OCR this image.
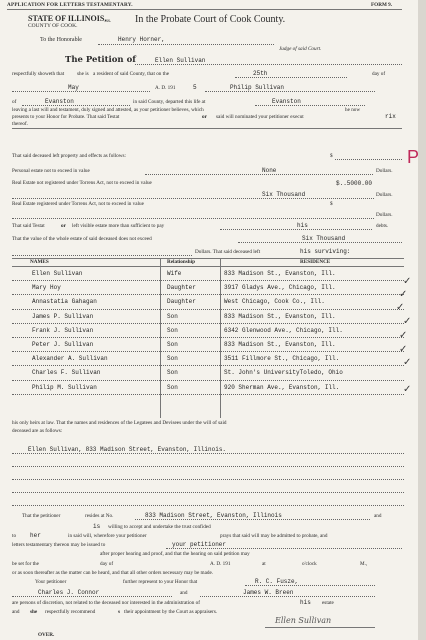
APPLICATION FOR LETTERS TESTAMENTARY.	FORM 9.
STATE OF ILLINOIS,
COUNTY OF COOK.
ss. In the Probate Court of Cook County.
To the Honorable	Henry Horner,
Judge of said Court.
The Petition of	Ellen Sullivan
respectfully showeth that she is a resident of said County, that on the	25th	day of
May	A. D. 191	5	Philip Sullivan
of	Evanston	in said County, departed this life at	Evanston
leaving a last will and testament, duly signed and attested, as your petitioner believes, which	he now
presents to your Honor for Probate. That said Testat	or said will nominated your petitioner execut	rix
thereof.
That said deceased left property and effects as follows:	$
Personal estate not to exceed in value	None	Dollars.
Real Estate not registered under Torrens Act, not to exceed in value	$..5000.00
Six Thousand	Dollars.
Real Estate registered under Torrens Act, not to exceed in value	$
Dollars.
That said Testat	or left visible estate more than sufficient to pay	his	debts.
That the value of the whole estate of said deceased does not exceed	Six Thousand
Dollars. That said deceased left	his surviving:
NAMES	Relationship	RESIDENCE
Ellen Sullivan	Wife	833 Madison St., Evanston, Ill.
Mary Hoy	Daughter	3917 Gladys Ave., Chicago, Ill.
Annastatia Gahagan	Daughter	West Chicago, Cook Co., Ill.
James P. Sullivan	Son	833 Madison St., Evanston, Ill.
Frank J. Sullivan	Son	6342 Glenwood Ave., Chicago, Ill.
Peter J. Sullivan	Son	833 Madison St., Evanston, Ill.
Alexander A. Sullivan	Son	3511 Fillmore St., Chicago, Ill.
Charles F. Sullivan	Son	St. John's UniversityToledo, Ohio
Philip M. Sullivan	Son	920 Sherman Ave., Evanston, Ill.
✓
✓
✓
✓
✓
✓
✓
✓
his only heirs at law. That the names and residences of the Legatees and Devisees under the will of said
deceased are as follows:
Ellen Sullivan, 833 Madison Street, Evanston, Illinois.
That the petitioner	resides at No.	833 Madison Street, Evanston, Illinois	and
is willing to accept and undertake the trust confided
to her	in said will, wherefore your petitioner	prays that said will may be admitted to probate, and
letters testamentary thereon may be issued to	your petitioner
after proper hearing and proof, and that the hearing on said petition may
be set for the	day of	A. D. 191	at	o'clock	M.,
or as soon thereafter as the matter can be heard, and that all other orders necessary may be made.
Your petitioner	further represent to your Honor that	R. C. Fusze,
Charles J. Connor	and	James W. Breen
are persons of discretion, not related to the deceased nor interested in the administration of	his estate
and she respectfully recommend	s their appointment by the Court as appraisers.
Ellen Sullivan
OVER.
P
